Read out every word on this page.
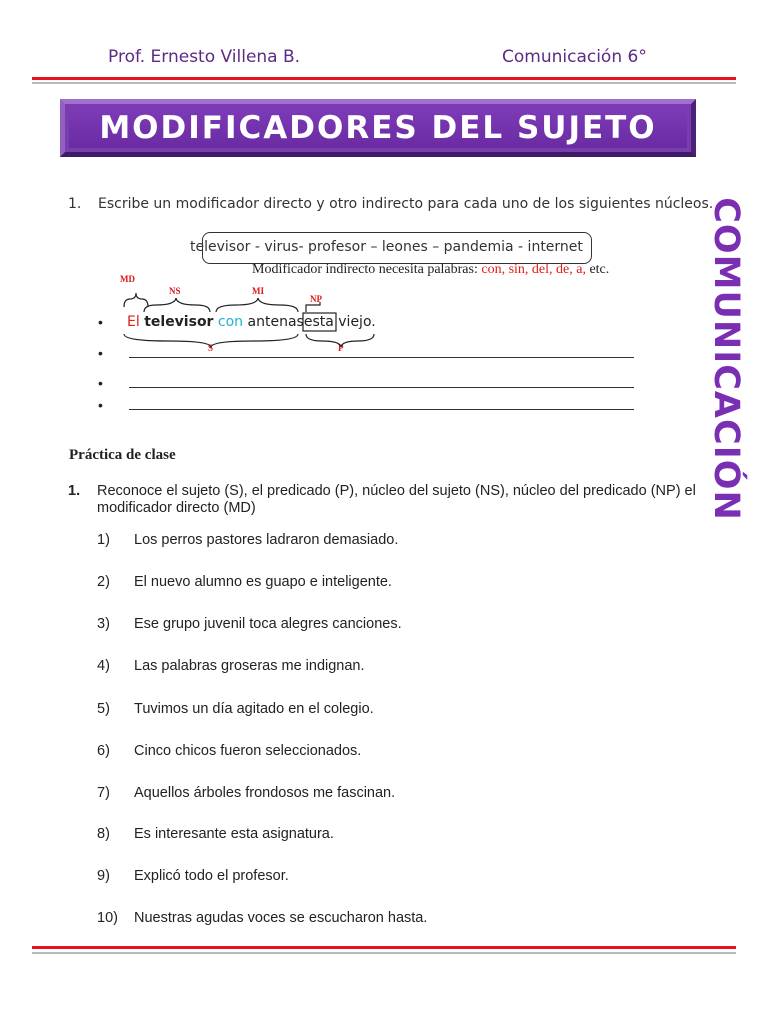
Prof. Ernesto Villena B.	Comunicación 6°
MODIFICADORES DEL SUJETO
COMUNICACIÓN
1. Escribe un modificador directo y otro indirecto para cada uno de los siguientes núcleos.
televisor - virus- profesor – leones – pandemia - internet
Modificador indirecto necesita palabras: con, sin, del, de, a, etc.
MD
NS	MI
NP
S	P
El televisor con antenasesta viejo.
•
•
•
•
Práctica de clase
1. Reconoce el sujeto (S), el predicado (P), núcleo del sujeto (NS), núcleo del predicado (NP) el modificador directo (MD)
1) Los perros pastores ladraron demasiado.
2) El nuevo alumno es guapo e inteligente.
3) Ese grupo juvenil toca alegres canciones.
4) Las palabras groseras me indignan.
5) Tuvimos un día agitado en el colegio.
6) Cinco chicos fueron seleccionados.
7) Aquellos árboles frondosos me fascinan.
8) Es interesante esta asignatura.
9) Explicó todo el profesor.
10) Nuestras agudas voces se escucharon hasta.
